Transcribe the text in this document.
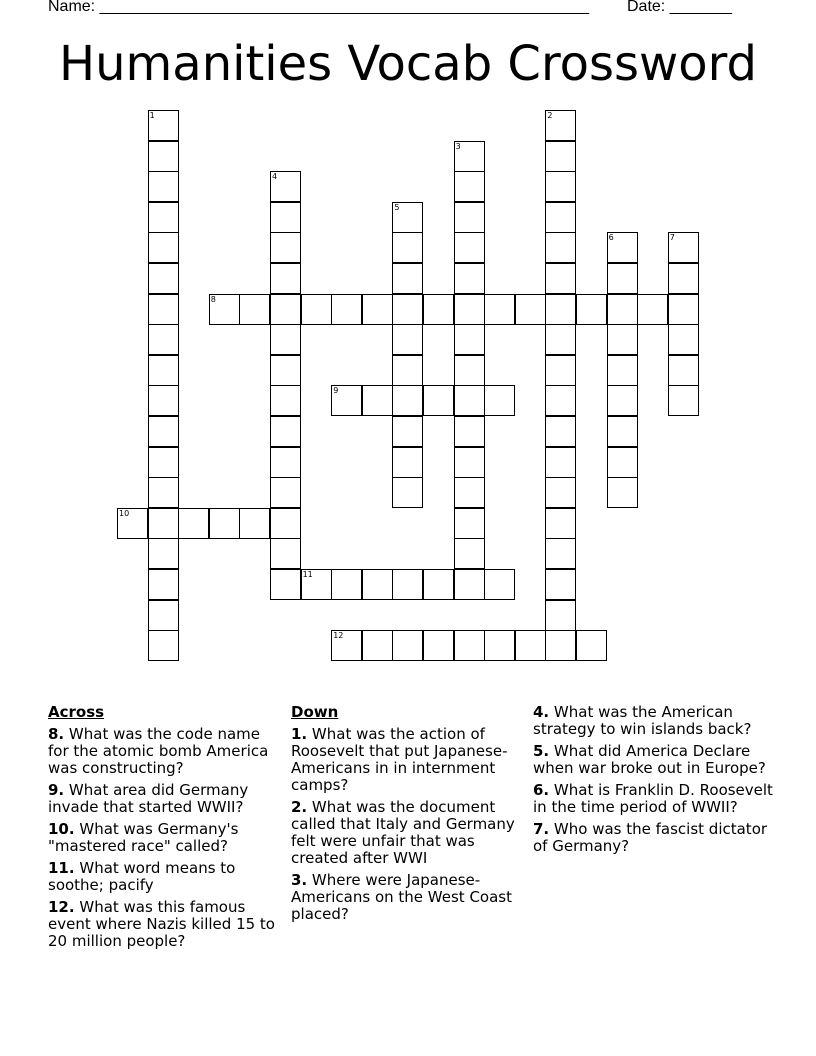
Name: _______________________________________________________ Date: _______
Humanities Vocab Crossword
1	2
3
4
5
6	7
8
9
10
11
12
Across
8. What was the code name for the atomic bomb America was constructing?
9. What area did Germany invade that started WWII?
10. What was Germany's "mastered race" called?
11. What word means to soothe; pacify
12. What was this famous event where Nazis killed 15 to 20 million people?
Down
1. What was the action of Roosevelt that put Japanese-Americans in in internment camps?
2. What was the document called that Italy and Germany felt were unfair that was created after WWI
3. Where were Japanese-Americans on the West Coast placed?
4. What was the American strategy to win islands back?
5. What did America Declare when war broke out in Europe?
6. What is Franklin D. Roosevelt in the time period of WWII?
7. Who was the fascist dictator of Germany?
